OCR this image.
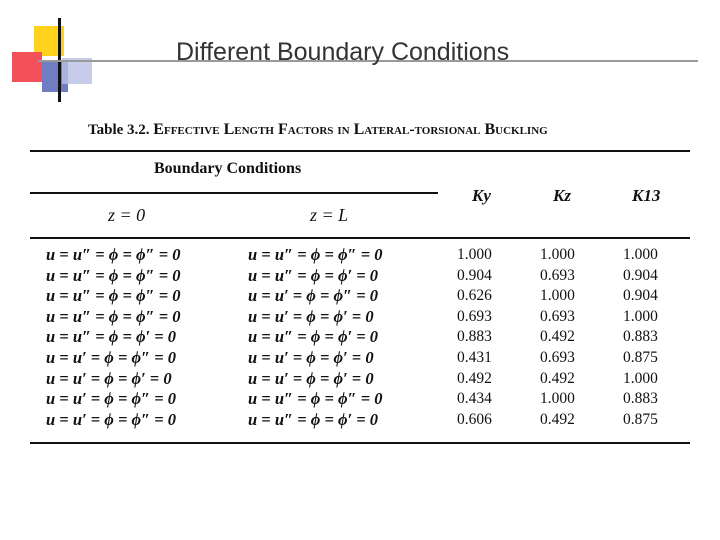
Different Boundary Conditions
Table 3.2. Effective Length Factors in Lateral-torsional Buckling
Boundary Conditions
z = 0	z = L
Ky	Kz	K13
u = u″ = ϕ = ϕ″ = 0	u = u″ = ϕ = ϕ″ = 0	1.000	1.000	1.000
u = u″ = ϕ = ϕ″ = 0	u = u″ = ϕ = ϕ′ = 0	0.904	0.693	0.904
u = u″ = ϕ = ϕ″ = 0	u = u′ = ϕ = ϕ″ = 0	0.626	1.000	0.904
u = u″ = ϕ = ϕ″ = 0	u = u′ = ϕ = ϕ′ = 0	0.693	0.693	1.000
u = u″ = ϕ = ϕ′ = 0	u = u″ = ϕ = ϕ′ = 0	0.883	0.492	0.883
u = u′ = ϕ = ϕ″ = 0	u = u′ = ϕ = ϕ′ = 0	0.431	0.693	0.875
u = u′ = ϕ = ϕ′ = 0	u = u′ = ϕ = ϕ′ = 0	0.492	0.492	1.000
u = u′ = ϕ = ϕ″ = 0	u = u″ = ϕ = ϕ″ = 0	0.434	1.000	0.883
u = u′ = ϕ = ϕ″ = 0	u = u″ = ϕ = ϕ′ = 0	0.606	0.492	0.875
